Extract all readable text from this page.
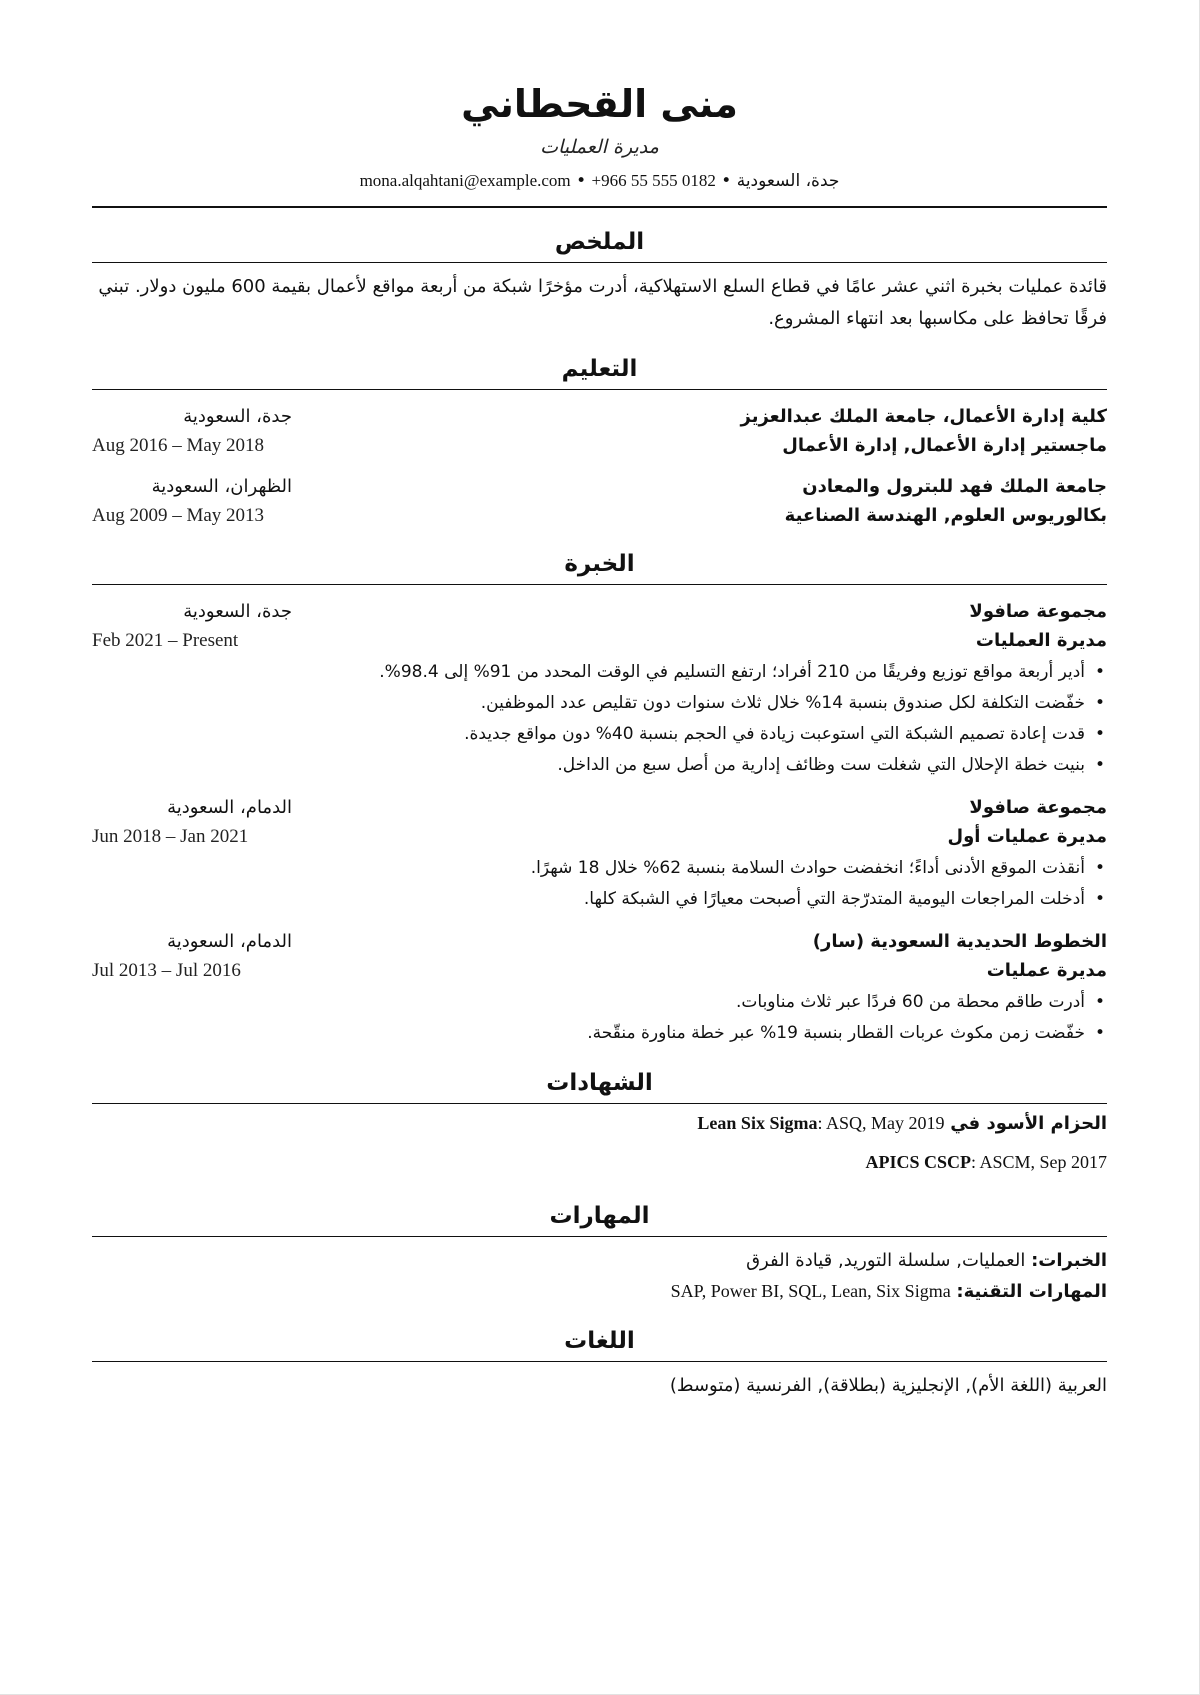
منى القحطاني
مديرة العمليات
جدة، السعودية • +966 55 555 0182 • mona.alqahtani@example.com
الملخص
قائدة عمليات بخبرة اثني عشر عامًا في قطاع السلع الاستهلاكية، أدرت مؤخرًا شبكة من أربعة مواقع لأعمال بقيمة 600 مليون دولار. تبني فرقًا تحافظ على مكاسبها بعد انتهاء المشروع.
التعليم
كلية إدارة الأعمال، جامعة الملك عبدالعزيز
ماجستير إدارة الأعمال, إدارة الأعمال
جدة، السعودية
Aug 2016 – May 2018
جامعة الملك فهد للبترول والمعادن
بكالوريوس العلوم, الهندسة الصناعية
الظهران، السعودية
Aug 2009 – May 2013
الخبرة
مجموعة صافولا
مديرة العمليات
جدة، السعودية
Feb 2021 – Present
• أدير أربعة مواقع توزيع وفريقًا من 210 أفراد؛ ارتفع التسليم في الوقت المحدد من 91% إلى 98.4%.
• خفّضت التكلفة لكل صندوق بنسبة 14% خلال ثلاث سنوات دون تقليص عدد الموظفين.
• قدت إعادة تصميم الشبكة التي استوعبت زيادة في الحجم بنسبة 40% دون مواقع جديدة.
• بنيت خطة الإحلال التي شغلت ست وظائف إدارية من أصل سبع من الداخل.
مجموعة صافولا
مديرة عمليات أول
الدمام، السعودية
Jun 2018 – Jan 2021
• أنقذت الموقع الأدنى أداءً؛ انخفضت حوادث السلامة بنسبة 62% خلال 18 شهرًا.
• أدخلت المراجعات اليومية المتدرّجة التي أصبحت معيارًا في الشبكة كلها.
الخطوط الحديدية السعودية (سار)
مديرة عمليات
الدمام، السعودية
Jul 2013 – Jul 2016
• أدرت طاقم محطة من 60 فردًا عبر ثلاث مناوبات.
• خفّضت زمن مكوث عربات القطار بنسبة 19% عبر خطة مناورة منقّحة.
الشهادات
الحزام الأسود في Lean Six Sigma: ASQ, May 2019
APICS CSCP: ASCM, Sep 2017
المهارات
الخبرات: العمليات, سلسلة التوريد, قيادة الفرق
المهارات التقنية: SAP, Power BI, SQL, Lean, Six Sigma
اللغات
العربية (اللغة الأم), الإنجليزية (بطلاقة), الفرنسية (متوسط)
